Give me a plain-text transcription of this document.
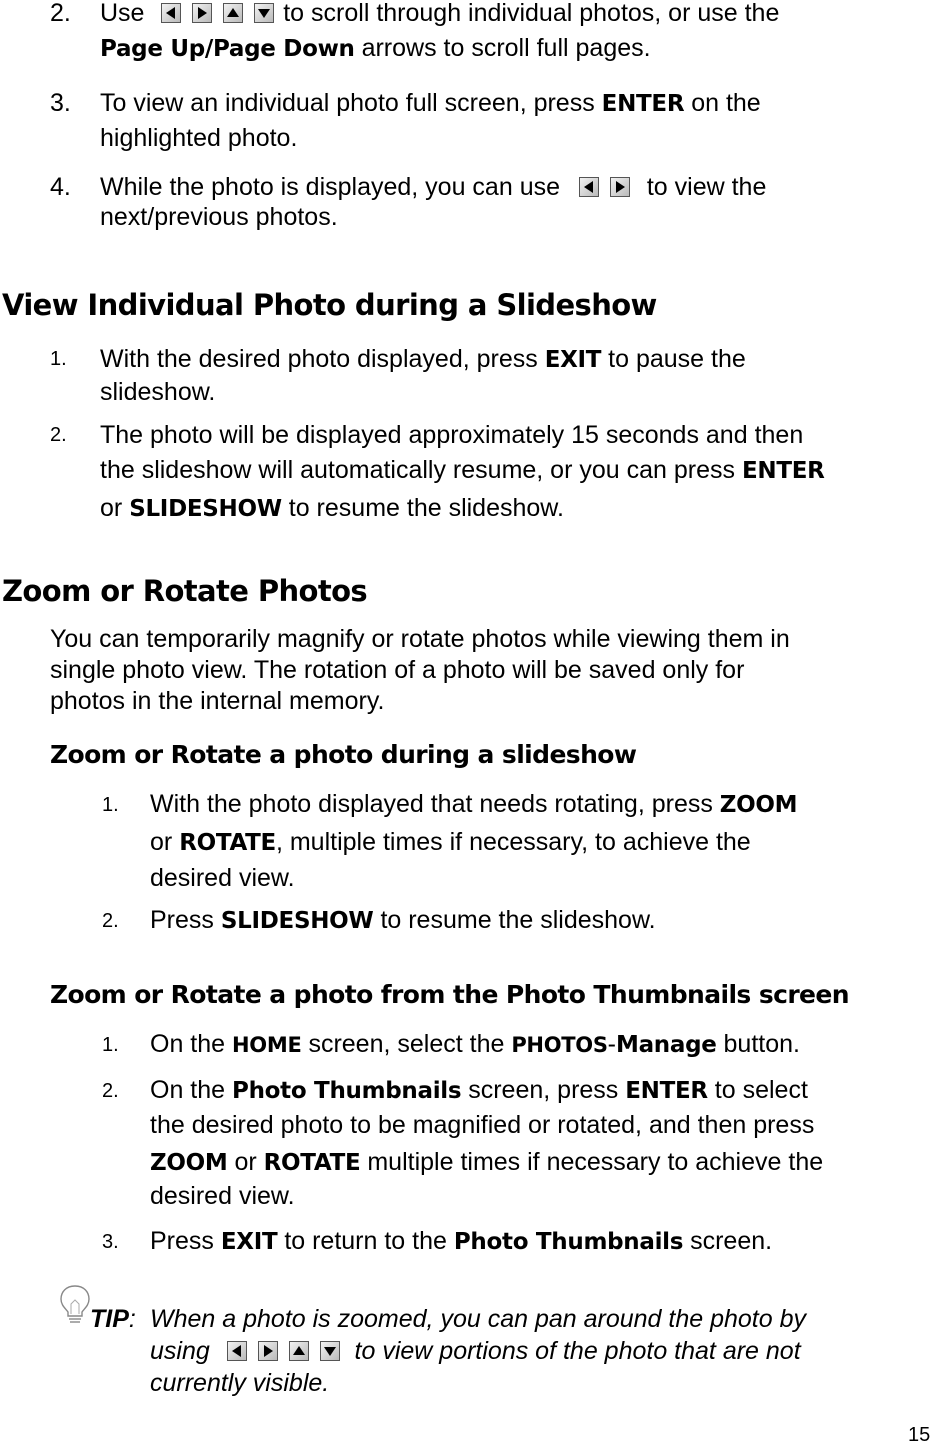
2. Use	to scroll through individual photos, or use the
Page Up/Page Down arrows to scroll full pages.
3. To view an individual photo full screen, press ENTER on the
highlighted photo.
4. While the photo is displayed, you can use	to view the
next/previous photos.
View Individual Photo during a Slideshow
1. With the desired photo displayed, press EXIT to pause the
slideshow.
2. The photo will be displayed approximately 15 seconds and then
the slideshow will automatically resume, or you can press ENTER
or SLIDESHOW to resume the slideshow.
Zoom or Rotate Photos
You can temporarily magnify or rotate photos while viewing them in
single photo view. The rotation of a photo will be saved only for
photos in the internal memory.
Zoom or Rotate a photo during a slideshow
1. With the photo displayed that needs rotating, press ZOOM
or ROTATE, multiple times if necessary, to achieve the
desired view.
2. Press SLIDESHOW to resume the slideshow.
Zoom or Rotate a photo from the Photo Thumbnails screen
1. On the HOME screen, select the PHOTOS-Manage button.
2. On the Photo Thumbnails screen, press ENTER to select
the desired photo to be magnified or rotated, and then press
ZOOM or ROTATE multiple times if necessary to achieve the
desired view.
3. Press EXIT to return to the Photo Thumbnails screen.
TIP: When a photo is zoomed, you can pan around the photo by
using	to view portions of the photo that are not
currently visible.
15
